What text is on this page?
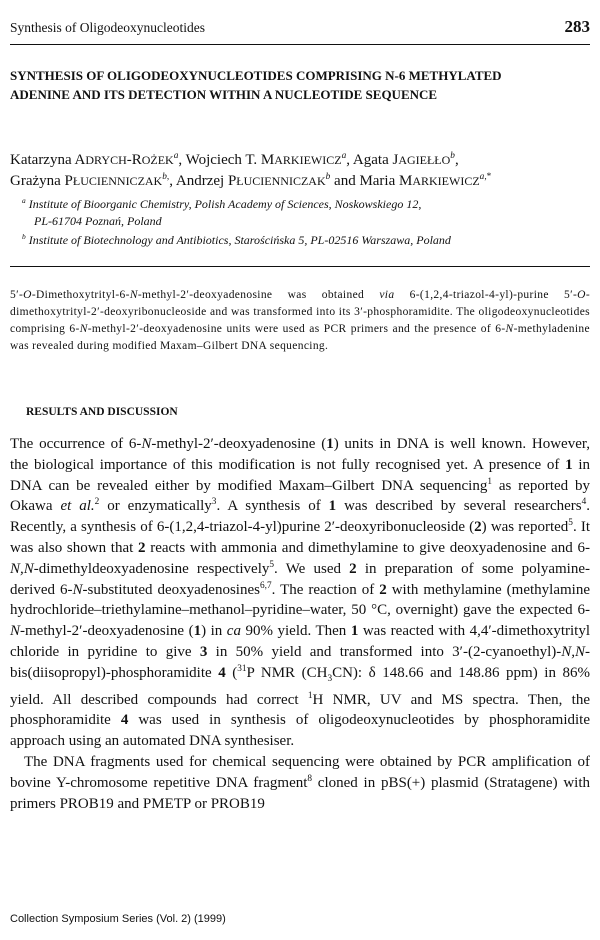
Synthesis of Oligodeoxynucleotides	283
SYNTHESIS OF OLIGODEOXYNUCLEOTIDES COMPRISING N-6 METHYLATED ADENINE AND ITS DETECTION WITHIN A NUCLEOTIDE SEQUENCE

Katarzyna ADRYCH-ROŻEK$^a$, Wojciech T. MARKIEWICZ$^a$, Agata JAGIEŁŁO$^b$,
Grażyna $PŁUCIENNICZAK^{b,}$, Andrzej PŁUCIENNICZAK$^b$ and Maria $MARKIEWICZ^{a,*}$

$^a$ Institute of Bioorganic Chemistry, Polish Academy of Sciences, Noskowskiego 12,
PL-61704 Poznań, Poland
$^b$ Institute of Biotechnology and Antibiotics, Starościńska 5, PL-02516 Warszawa, Poland

5′-O-Dimethoxytrityl-6-N-methyl-2′-deoxyadenosine was obtained via 6-(1,2,4-triazol-4-yl)-purine 5′-O-dimethoxytrityl-2′-deoxyribonucleoside and was transformed into its 3′-phosphoramidite. The oligodeoxynucleotides comprising 6-N-methyl-2′-deoxyadenosine units were used as PCR primers and the presence of 6-N-methyladenine was revealed during modified Maxam–Gilbert DNA sequencing.

RESULTS AND DISCUSSION

The occurrence of 6-N-methyl-2′-deoxyadenosine (1) units in DNA is well known. However, the biological importance of this modification is not fully recognised yet. A presence of 1 in DNA can be revealed either by modified Maxam–Gilbert DNA sequencing$^1$ as reported by Okawa et al.$^2$ or enzymatically$^3$. A synthesis of 1 was described by several researchers$^4$. Recently, a synthesis of 6-(1,2,4-triazol-4-yl)purine 2′-deoxyribonucleoside (2) was reported$^5$. It was also shown that 2 reacts with ammonia and dimethylamine to give deoxyadenosine and 6-N,N-dimethyldeoxyadenosine respectively$^5$. We used 2 in preparation of some polyamine-derived 6-N-substituted deoxyadenosines$^{6,7}$. The reaction of 2 with methylamine (methylamine hydrochloride–triethylamine–methanol–pyridine–water, 50 °C, overnight) gave the expected 6-N-methyl-2′-deoxyadenosine (1) in ca 90% yield. Then 1 was reacted with 4,4′-dimethoxytrityl chloride in pyridine to give 3 in 50% yield and transformed into 3′-(2-cyanoethyl)-N,N-bis(diisopropyl)-phosphoramidite 4 ($^{31}$P NMR $(CH_3CN)$: δ 148.66 and 148.86 ppm) in 86% yield. All described compounds had correct $^1$H NMR, UV and MS spectra. Then, the phosphoramidite 4 was used in synthesis of oligodeoxynucleotides by phosphoramidite approach using an automated DNA synthesiser.

The DNA fragments used for chemical sequencing were obtained by PCR amplification of bovine Y-chromosome repetitive DNA fragment$^8$ cloned in pBS(+) plasmid (Stratagene) with primers PROB19 and PMETP or PROB19

Collection Symposium Series (Vol. 2) (1999)
